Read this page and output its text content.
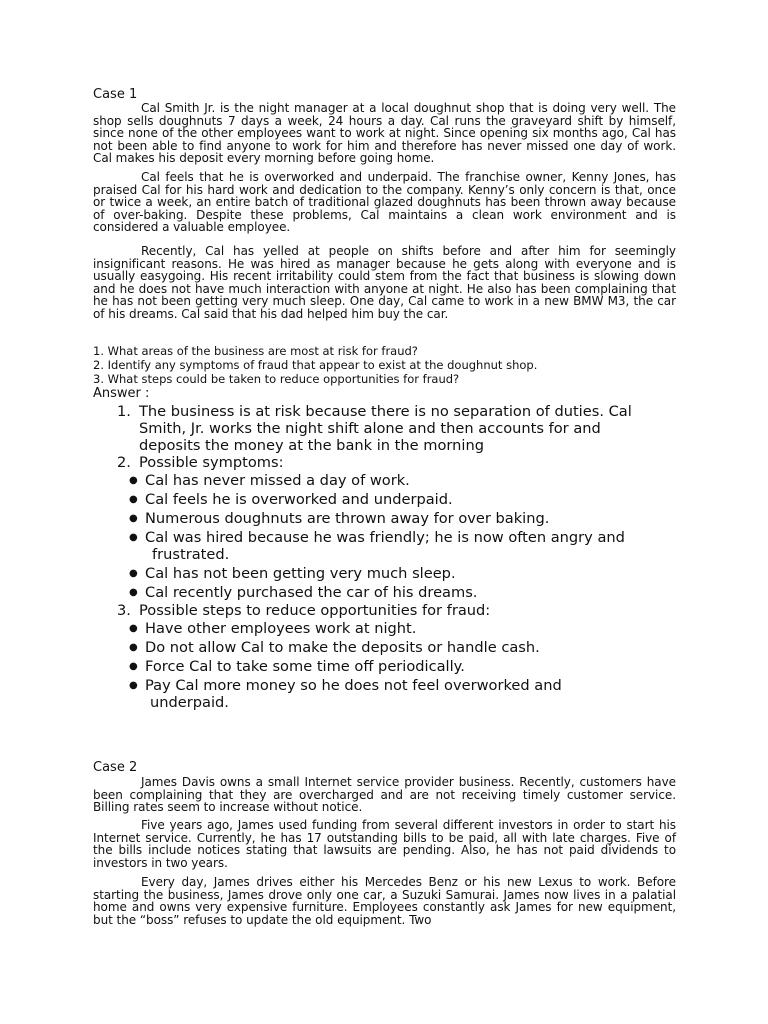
Case 1
Cal Smith Jr. is the night manager at a local doughnut shop that is doing very well. The shop sells doughnuts 7 days a week, 24 hours a day. Cal runs the graveyard shift by himself, since none of the other employees want to work at night. Since opening six months ago, Cal has not been able to find anyone to work for him and therefore has never missed one day of work. Cal makes his deposit every morning before going home.
Cal feels that he is overworked and underpaid. The franchise owner, Kenny Jones, has praised Cal for his hard work and dedication to the company. Kenny’s only concern is that, once or twice a week, an entire batch of traditional glazed doughnuts has been thrown away because of over-baking. Despite these problems, Cal maintains a clean work environment and is considered a valuable employee.
Recently, Cal has yelled at people on shifts before and after him for seemingly insignificant reasons. He was hired as manager because he gets along with everyone and is usually easygoing. His recent irritability could stem from the fact that business is slowing down and he does not have much interaction with anyone at night. He also has been complaining that he has not been getting very much sleep. One day, Cal came to work in a new BMW M3, the car of his dreams. Cal said that his dad helped him buy the car.
1. What areas of the business are most at risk for fraud?
2. Identify any symptoms of fraud that appear to exist at the doughnut shop.
3. What steps could be taken to reduce opportunities for fraud?
Answer :
1. The business is at risk because there is no separation of duties. Cal
Smith, Jr. works the night shift alone and then accounts for and
deposits the money at the bank in the morning
2. Possible symptoms:
● Cal has never missed a day of work.
● Cal feels he is overworked and underpaid.
● Numerous doughnuts are thrown away for over baking.
● Cal was hired because he was friendly; he is now often angry and
frustrated.
● Cal has not been getting very much sleep.
● Cal recently purchased the car of his dreams.
3. Possible steps to reduce opportunities for fraud:
● Have other employees work at night.
● Do not allow Cal to make the deposits or handle cash.
● Force Cal to take some time off periodically.
● Pay Cal more money so he does not feel overworked and
underpaid.
Case 2
James Davis owns a small Internet service provider business. Recently, customers have been complaining that they are overcharged and are not receiving timely customer service. Billing rates seem to increase without notice.
Five years ago, James used funding from several different investors in order to start his Internet service. Currently, he has 17 outstanding bills to be paid, all with late charges. Five of the bills include notices stating that lawsuits are pending. Also, he has not paid dividends to investors in two years.
Every day, James drives either his Mercedes Benz or his new Lexus to work. Before starting the business, James drove only one car, a Suzuki Samurai. James now lives in a palatial home and owns very expensive furniture. Employees constantly ask James for new equipment, but the “boss” refuses to update the old equipment. Two
